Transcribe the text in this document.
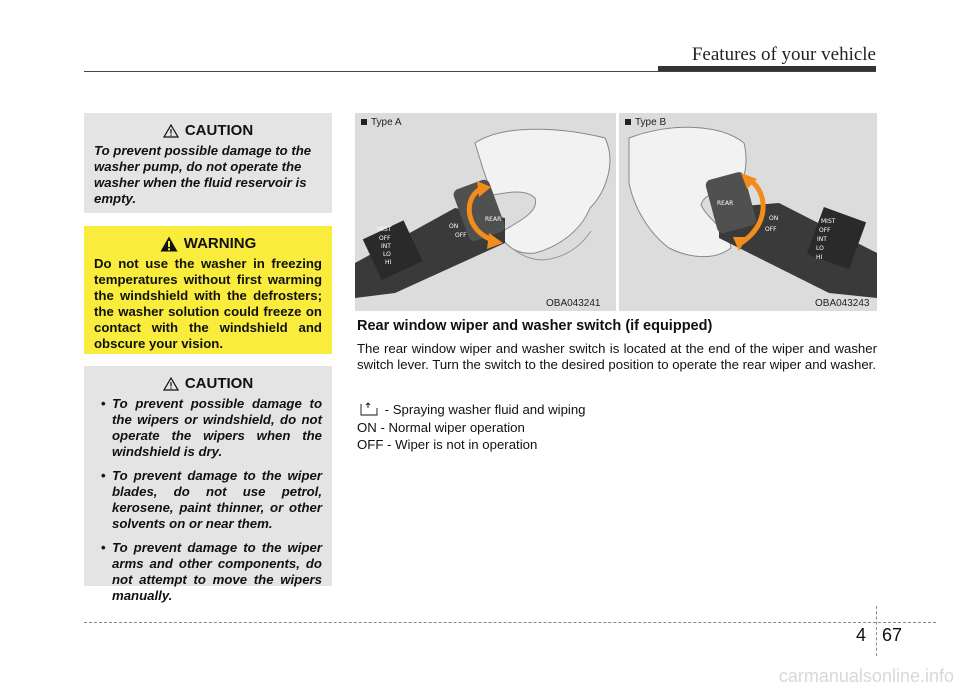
Features of your vehicle
CAUTION
To prevent possible damage to the washer pump, do not operate the washer when the fluid reservoir is empty.
WARNING
Do not use the washer in freezing temperatures without first warming the windshield with the defrosters; the washer solution could freeze on contact with the windshield and obscure your vision.
CAUTION
• To prevent possible damage to the wipers or windshield, do not operate the wipers when the windshield is dry.
• To prevent damage to the wiper blades, do not use petrol, kerosene, paint thinner, or other solvents on or near them.
• To prevent damage to the wiper arms and other components, do not attempt to move the wipers manually.
MIST
OFF
INT
LO
HI
ON
OFF
REAR
Type A
OBA043241
MIST
OFF
INT
LO
HI
ON
OFF
REAR
Type B
OBA043243
Rear window wiper and washer switch (if equipped)
The rear window wiper and washer switch is located at the end of the wiper and washer switch lever. Turn the switch to the desired position to operate the rear wiper and washer.
- Spraying washer fluid and wiping
ON - Normal wiper operation
OFF - Wiper is not in operation
4 67
carmanualsonline.info
